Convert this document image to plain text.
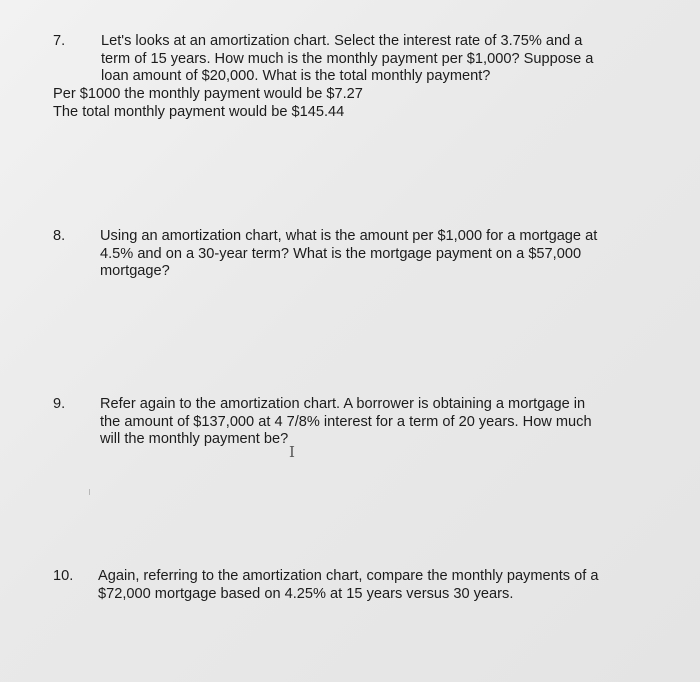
7. Let's looks at an amortization chart. Select the interest rate of 3.75% and a
term of 15 years. How much is the monthly payment per $1,000? Suppose a
loan amount of $20,000. What is the total monthly payment?
Per $1000 the monthly payment would be $7.27
The total monthly payment would be $145.44
8. Using an amortization chart, what is the amount per $1,000 for a mortgage at
4.5% and on a 30-year term? What is the mortgage payment on a $57,000
mortgage?
9. Refer again to the amortization chart. A borrower is obtaining a mortgage in
the amount of $137,000 at 4 7/8% interest for a term of 20 years. How much
will the monthly payment be?
I
10. Again, referring to the amortization chart, compare the monthly payments of a
$72,000 mortgage based on 4.25% at 15 years versus 30 years.
